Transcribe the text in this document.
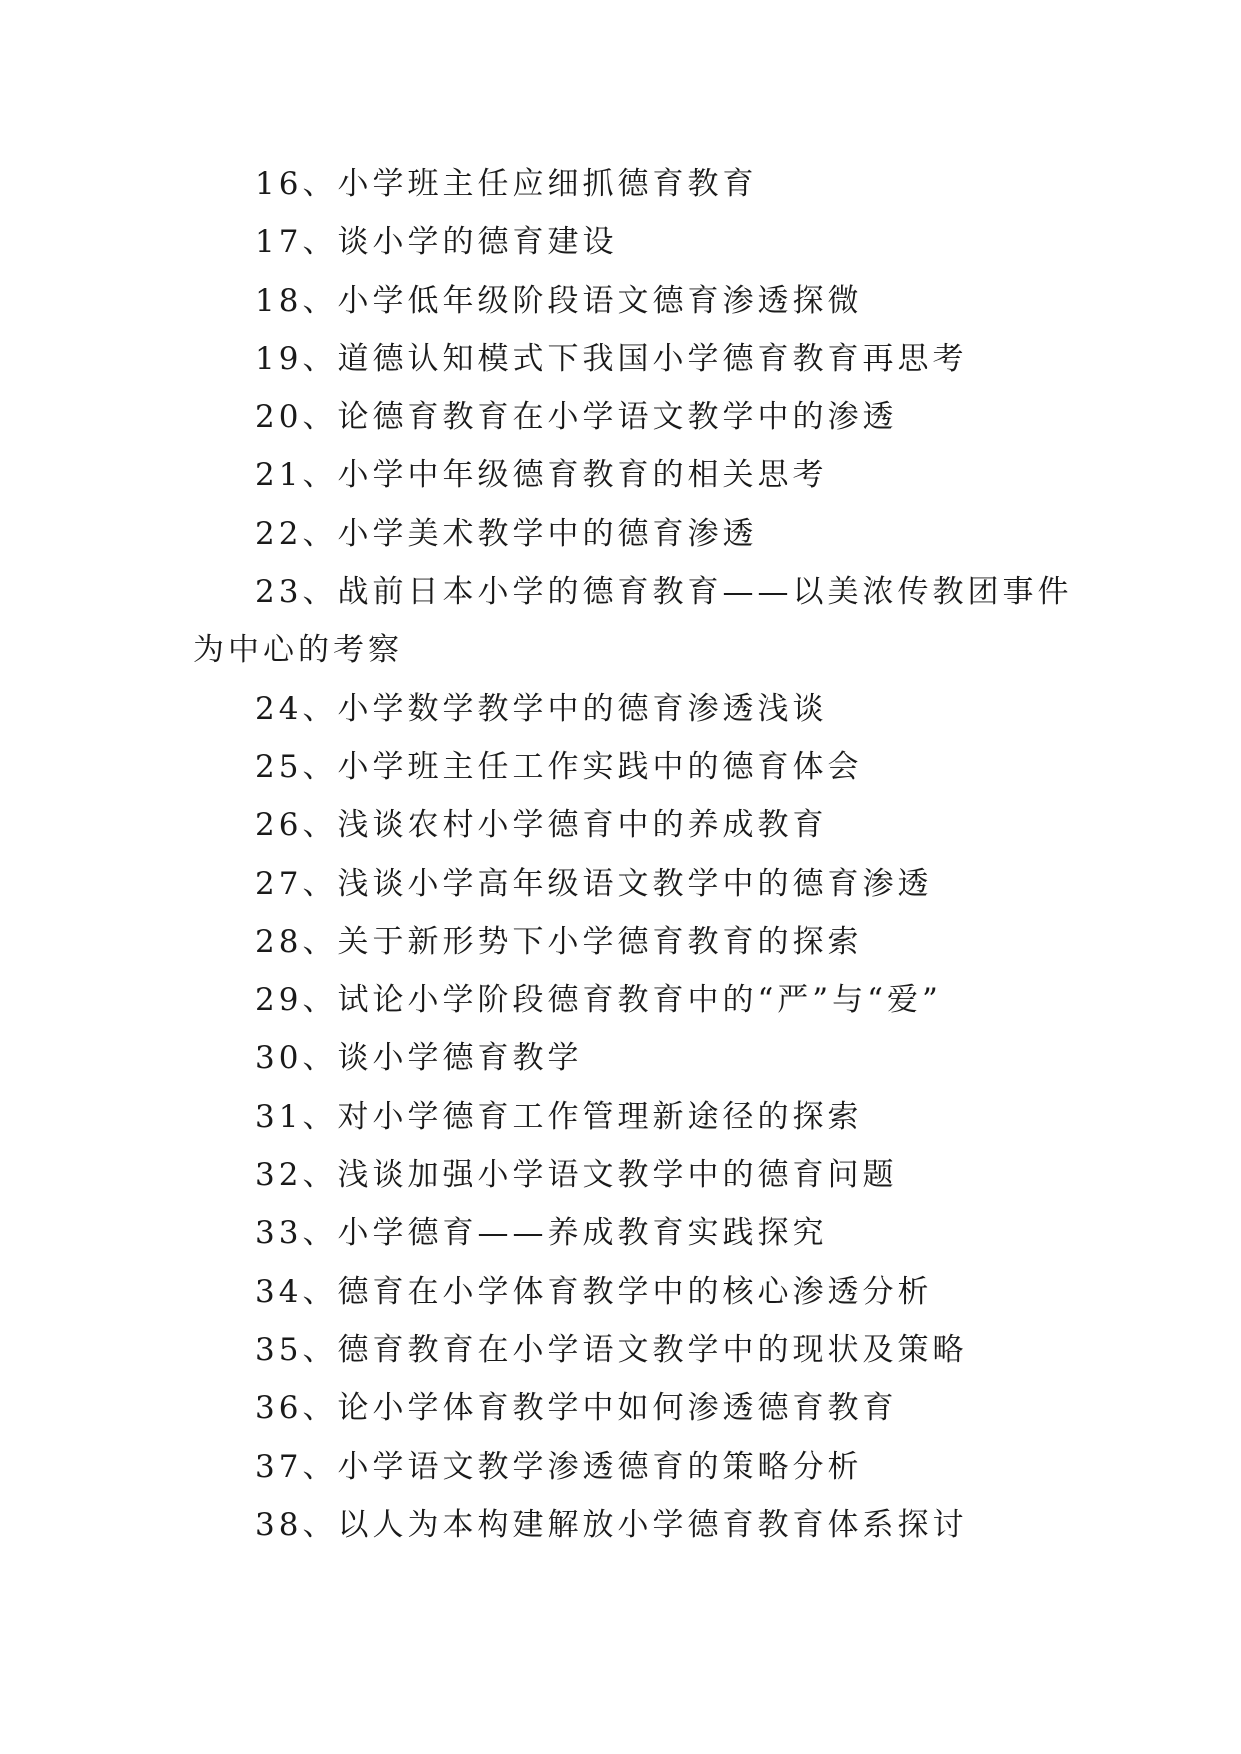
16、小学班主任应细抓德育教育
17、谈小学的德育建设
18、小学低年级阶段语文德育渗透探微
19、道德认知模式下我国小学德育教育再思考
20、论德育教育在小学语文教学中的渗透
21、小学中年级德育教育的相关思考
22、小学美术教学中的德育渗透
23、战前日本小学的德育教育——以美浓传教团事件为中心的考察
24、小学数学教学中的德育渗透浅谈
25、小学班主任工作实践中的德育体会
26、浅谈农村小学德育中的养成教育
27、浅谈小学高年级语文教学中的德育渗透
28、关于新形势下小学德育教育的探索
29、试论小学阶段德育教育中的“严”与“爱”
30、谈小学德育教学
31、对小学德育工作管理新途径的探索
32、浅谈加强小学语文教学中的德育问题
33、小学德育——养成教育实践探究
34、德育在小学体育教学中的核心渗透分析
35、德育教育在小学语文教学中的现状及策略
36、论小学体育教学中如何渗透德育教育
37、小学语文教学渗透德育的策略分析
38、以人为本构建解放小学德育教育体系探讨
